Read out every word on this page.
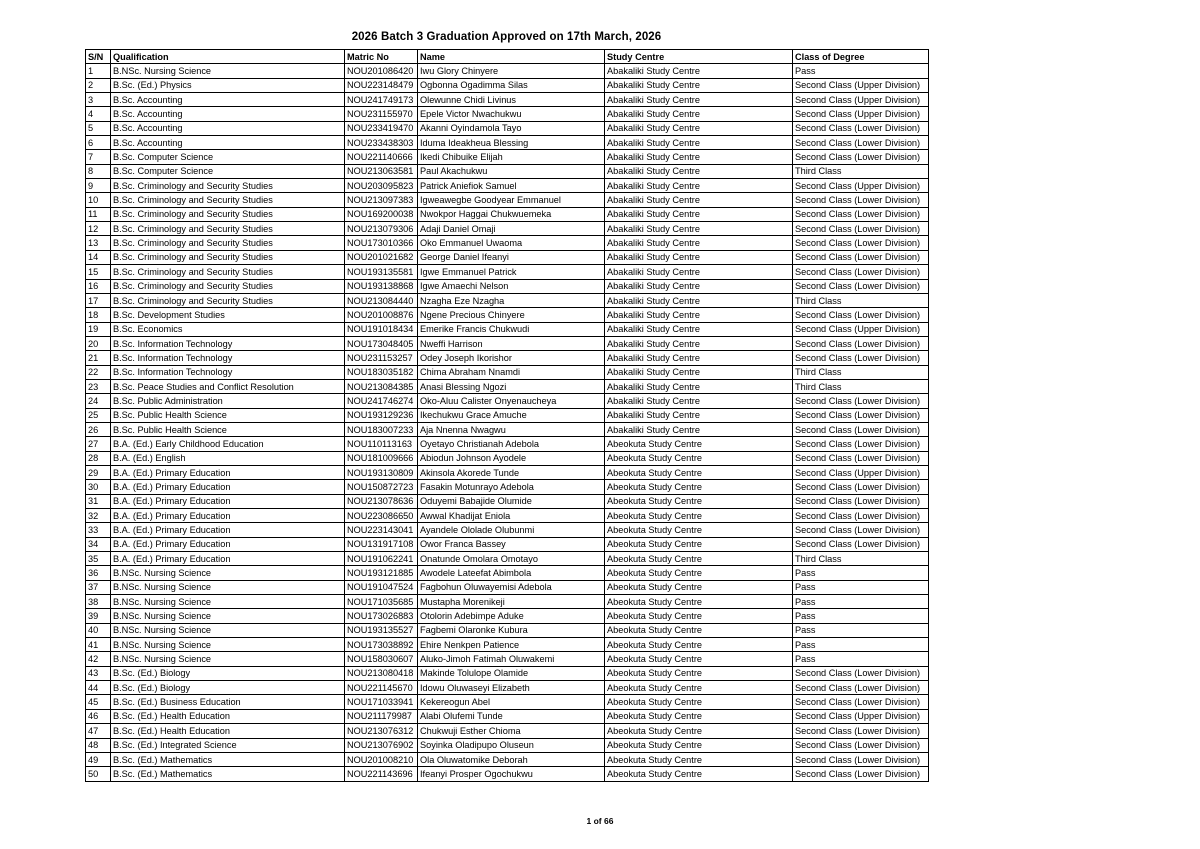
2026 Batch 3 Graduation Approved on 17th March, 2026
S/N	Qualification	Matric No	Name	Study Centre	Class of Degree
1	B.NSc. Nursing Science	NOU201086420	Iwu Glory Chinyere	Abakaliki Study Centre	Pass
2	B.Sc. (Ed.) Physics	NOU223148479	Ogbonna Ogadimma Silas	Abakaliki Study Centre	Second Class (Upper Division)
3	B.Sc. Accounting	NOU241749173	Olewunne Chidi Livinus	Abakaliki Study Centre	Second Class (Upper Division)
4	B.Sc. Accounting	NOU231155970	Epele Victor Nwachukwu	Abakaliki Study Centre	Second Class (Upper Division)
5	B.Sc. Accounting	NOU233419470	Akanni Oyindamola Tayo	Abakaliki Study Centre	Second Class (Lower Division)
6	B.Sc. Accounting	NOU233438303	Iduma Ideakheua Blessing	Abakaliki Study Centre	Second Class (Lower Division)
7	B.Sc. Computer Science	NOU221140666	Ikedi Chibuike Elijah	Abakaliki Study Centre	Second Class (Lower Division)
8	B.Sc. Computer Science	NOU213063581	Paul Akachukwu	Abakaliki Study Centre	Third Class
9	B.Sc. Criminology and Security Studies	NOU203095823	Patrick Aniefiok Samuel	Abakaliki Study Centre	Second Class (Upper Division)
10	B.Sc. Criminology and Security Studies	NOU213097383	Igweawegbe Goodyear Emmanuel	Abakaliki Study Centre	Second Class (Lower Division)
11	B.Sc. Criminology and Security Studies	NOU169200038	Nwokpor Haggai Chukwuemeka	Abakaliki Study Centre	Second Class (Lower Division)
12	B.Sc. Criminology and Security Studies	NOU213079306	Adaji Daniel Omaji	Abakaliki Study Centre	Second Class (Lower Division)
13	B.Sc. Criminology and Security Studies	NOU173010366	Oko Emmanuel Uwaoma	Abakaliki Study Centre	Second Class (Lower Division)
14	B.Sc. Criminology and Security Studies	NOU201021682	George Daniel Ifeanyi	Abakaliki Study Centre	Second Class (Lower Division)
15	B.Sc. Criminology and Security Studies	NOU193135581	Igwe Emmanuel Patrick	Abakaliki Study Centre	Second Class (Lower Division)
16	B.Sc. Criminology and Security Studies	NOU193138868	Igwe Amaechi Nelson	Abakaliki Study Centre	Second Class (Lower Division)
17	B.Sc. Criminology and Security Studies	NOU213084440	Nzagha Eze Nzagha	Abakaliki Study Centre	Third Class
18	B.Sc. Development Studies	NOU201008876	Ngene Precious Chinyere	Abakaliki Study Centre	Second Class (Lower Division)
19	B.Sc. Economics	NOU191018434	Emerike Francis Chukwudi	Abakaliki Study Centre	Second Class (Upper Division)
20	B.Sc. Information Technology	NOU173048405	Nweffi Harrison	Abakaliki Study Centre	Second Class (Lower Division)
21	B.Sc. Information Technology	NOU231153257	Odey Joseph Ikorishor	Abakaliki Study Centre	Second Class (Lower Division)
22	B.Sc. Information Technology	NOU183035182	Chima Abraham Nnamdi	Abakaliki Study Centre	Third Class
23	B.Sc. Peace Studies and Conflict Resolution	NOU213084385	Anasi Blessing Ngozi	Abakaliki Study Centre	Third Class
24	B.Sc. Public Administration	NOU241746274	Oko-Aluu Calister Onyenaucheya	Abakaliki Study Centre	Second Class (Lower Division)
25	B.Sc. Public Health Science	NOU193129236	Ikechukwu Grace Amuche	Abakaliki Study Centre	Second Class (Lower Division)
26	B.Sc. Public Health Science	NOU183007233	Aja Nnenna Nwagwu	Abakaliki Study Centre	Second Class (Lower Division)
27	B.A. (Ed.) Early Childhood Education	NOU110113163	Oyetayo Christianah Adebola	Abeokuta Study Centre	Second Class (Lower Division)
28	B.A. (Ed.) English	NOU181009666	Abiodun Johnson Ayodele	Abeokuta Study Centre	Second Class (Lower Division)
29	B.A. (Ed.) Primary Education	NOU193130809	Akinsola Akorede Tunde	Abeokuta Study Centre	Second Class (Upper Division)
30	B.A. (Ed.) Primary Education	NOU150872723	Fasakin Motunrayo Adebola	Abeokuta Study Centre	Second Class (Lower Division)
31	B.A. (Ed.) Primary Education	NOU213078636	Oduyemi Babajide Olumide	Abeokuta Study Centre	Second Class (Lower Division)
32	B.A. (Ed.) Primary Education	NOU223086650	Awwal Khadijat Eniola	Abeokuta Study Centre	Second Class (Lower Division)
33	B.A. (Ed.) Primary Education	NOU223143041	Ayandele Ololade Olubunmi	Abeokuta Study Centre	Second Class (Lower Division)
34	B.A. (Ed.) Primary Education	NOU131917108	Owor Franca Bassey	Abeokuta Study Centre	Second Class (Lower Division)
35	B.A. (Ed.) Primary Education	NOU191062241	Onatunde Omolara Omotayo	Abeokuta Study Centre	Third Class
36	B.NSc. Nursing Science	NOU193121885	Awodele Lateefat Abimbola	Abeokuta Study Centre	Pass
37	B.NSc. Nursing Science	NOU191047524	Fagbohun Oluwayemisi Adebola	Abeokuta Study Centre	Pass
38	B.NSc. Nursing Science	NOU171035685	Mustapha Morenikeji	Abeokuta Study Centre	Pass
39	B.NSc. Nursing Science	NOU173026883	Otolorin Adebimpe Aduke	Abeokuta Study Centre	Pass
40	B.NSc. Nursing Science	NOU193135527	Fagbemi Olaronke Kubura	Abeokuta Study Centre	Pass
41	B.NSc. Nursing Science	NOU173038892	Ehire Nenkpen Patience	Abeokuta Study Centre	Pass
42	B.NSc. Nursing Science	NOU158030607	Aluko-Jimoh Fatimah Oluwakemi	Abeokuta Study Centre	Pass
43	B.Sc. (Ed.) Biology	NOU213080418	Makinde Tolulope Olamide	Abeokuta Study Centre	Second Class (Lower Division)
44	B.Sc. (Ed.) Biology	NOU221145670	Idowu Oluwaseyi Elizabeth	Abeokuta Study Centre	Second Class (Lower Division)
45	B.Sc. (Ed.) Business Education	NOU171033941	Kekereogun Abel	Abeokuta Study Centre	Second Class (Lower Division)
46	B.Sc. (Ed.) Health Education	NOU211179987	Alabi Olufemi Tunde	Abeokuta Study Centre	Second Class (Upper Division)
47	B.Sc. (Ed.) Health Education	NOU213076312	Chukwuji Esther Chioma	Abeokuta Study Centre	Second Class (Lower Division)
48	B.Sc. (Ed.) Integrated Science	NOU213076902	Soyinka Oladipupo Oluseun	Abeokuta Study Centre	Second Class (Lower Division)
49	B.Sc. (Ed.) Mathematics	NOU201008210	Ola Oluwatomike Deborah	Abeokuta Study Centre	Second Class (Lower Division)
50	B.Sc. (Ed.) Mathematics	NOU221143696	Ifeanyi Prosper Ogochukwu	Abeokuta Study Centre	Second Class (Lower Division)
1 of 66
